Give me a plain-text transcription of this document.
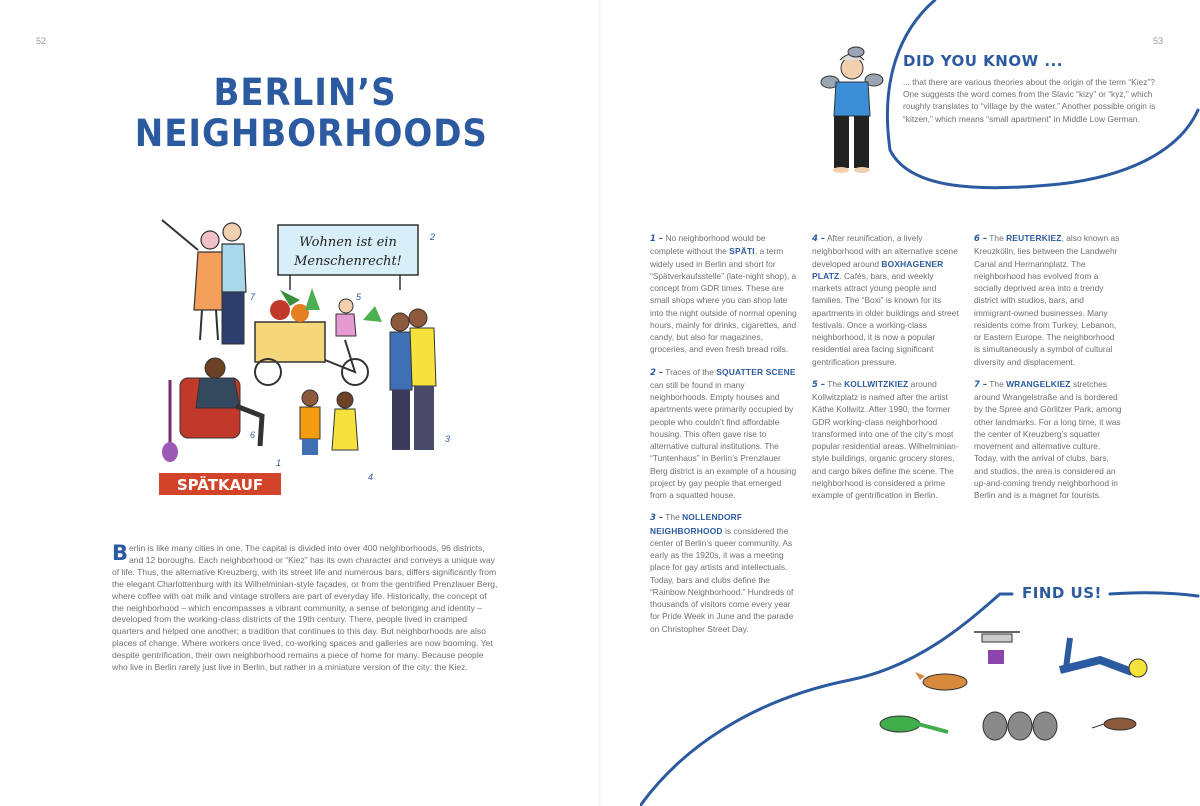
52	53
BERLIN’S
NEIGHBORHOODS
7
Wohnen ist ein
Menschenrecht!
2
5
3
6
4
1
SPÄTKAUF
Berlin is like many cities in one. The capital is divided into over 400 neighborhoods, 96 districts, and 12 boroughs. Each neighborhood or “Kiez” has its own character and conveys a unique way of life. Thus, the alternative Kreuzberg, with its street life and numerous bars, differs significantly from the elegant Charlottenburg with its Wilhelminian-style façades, or from the gentrified Prenzlauer Berg, where coffee with oat milk and vintage strollers are part of everyday life. Historically, the concept of the neighborhood – which encompasses a vibrant community, a sense of belonging and identity – developed from the working-class districts of the 19th century. There, people lived in cramped quarters and helped one another; a tradition that continues to this day. But neighborhoods are also places of change. Where workers once lived, co-working spaces and galleries are now booming. Yet despite gentrification, their own neighborhood remains a piece of home for many. Because people who live in Berlin rarely just live in Berlin, but rather in a miniature version of the city: the Kiez.

1 – No neighborhood would be complete without the SPÄTI, a term widely used in Berlin and short for “Spätverkaufsstelle” (late-night shop), a concept from GDR times. These are small shops where you can shop late into the night outside of normal opening hours, mainly for drinks, cigarettes, and candy, but also for magazines, groceries, and even fresh bread rolls.

2 – Traces of the SQUATTER SCENE can still be found in many neighborhoods. Empty houses and apartments were primarily occupied by people who couldn’t find affordable housing. This often gave rise to alternative cultural institutions. The “Tuntenhaus” in Berlin’s Prenzlauer Berg district is an example of a housing project by gay people that emerged from a squatted house.

3 – The NOLLENDORF NEIGHBORHOOD is considered the center of Berlin’s queer community. As early as the 1920s, it was a meeting place for gay artists and intellectuals. Today, bars and clubs define the “Rainbow Neighborhood.” Hundreds of thousands of visitors come every year for Pride Week in June and the parade on Christopher Street Day.

4 – After reunification, a lively neighborhood with an alternative scene developed around BOXHAGENER PLATZ. Cafés, bars, and weekly markets attract young people and families. The “Boxi” is known for its apartments in older buildings and street festivals. Once a working-class neighborhood, it is now a popular residential area facing significant gentrification pressure.

5 – The KOLLWITZKIEZ around Kollwitzplatz is named after the artist Käthe Kollwitz. After 1990, the former GDR working-class neighborhood transformed into one of the city’s most popular residential areas. Wilhelminian-style buildings, organic grocery stores, and cargo bikes define the scene. The neighborhood is considered a prime example of gentrification in Berlin.

6 – The REUTERKIEZ, also known as Kreuzkölln, lies between the Landwehr Canal and Hermannplatz. The neighborhood has evolved from a socially deprived area into a trendy district with studios, bars, and immigrant-owned businesses. Many residents come from Turkey, Lebanon, or Eastern Europe. The neighborhood is simultaneously a symbol of cultural diversity and displacement.

7 – The WRANGELKIEZ stretches around Wrangelstraße and is bordered by the Spree and Görlitzer Park, among other landmarks. For a long time, it was the center of Kreuzberg’s squatter movement and alternative culture. Today, with the arrival of clubs, bars, and studios, the area is considered an up-and-coming trendy neighborhood in Berlin and is a magnet for tourists.

DID YOU KNOW ...
... that there are various theories about the origin of the term “Kiez”? One suggests the word comes from the Slavic “kizy” or “kyz,” which roughly translates to “village by the water.” Another possible origin is “kitzen,” which means “small apartment” in Middle Low German.
FIND US!
